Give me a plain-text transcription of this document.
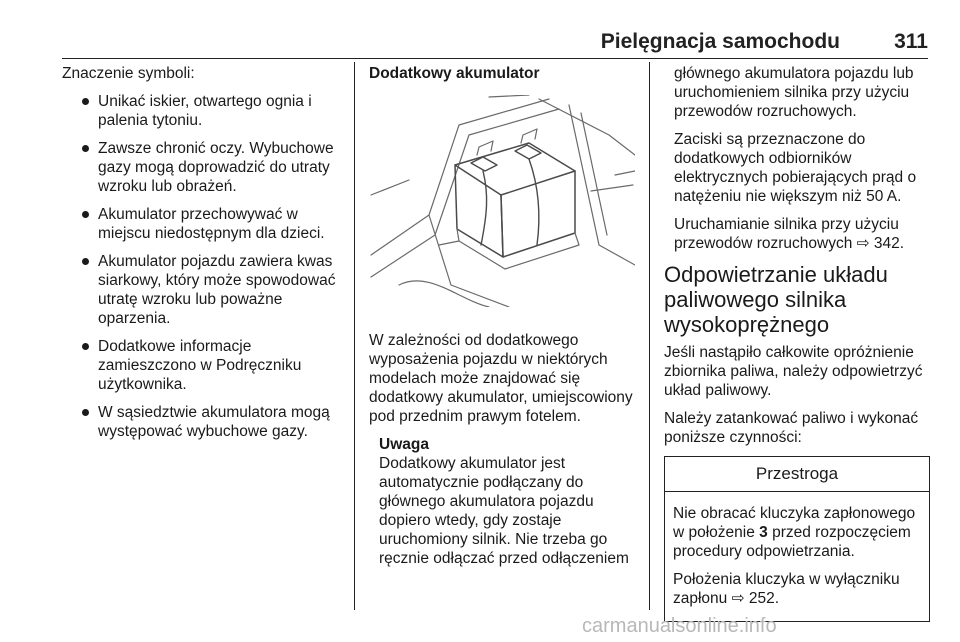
Pielęgnacja samochodu	311

Znaczenie symboli:

Unikać iskier, otwartego ognia i palenia tytoniu.
Zawsze chronić oczy. Wybuchowe gazy mogą doprowadzić do utraty wzroku lub obrażeń.
Akumulator przechowywać w miejscu niedostępnym dla dzieci.
Akumulator pojazdu zawiera kwas siarkowy, który może spowodować utratę wzroku lub poważne oparzenia.
Dodatkowe informacje zamieszczono w Podręczniku użytkownika.
W sąsiedztwie akumulatora mogą występować wybuchowe gazy.
Dodatkowy akumulator

W zależności od dodatkowego wyposażenia pojazdu w niektórych modelach może znajdować się dodatkowy akumulator, umiejscowiony pod przednim prawym fotelem.

Uwaga
Dodatkowy akumulator jest automatycznie podłączany do głównego akumulatora pojazdu dopiero wtedy, gdy zostaje uruchomiony silnik. Nie trzeba go ręcznie odłączać przed odłączeniem

głównego akumulatora pojazdu lub uruchomieniem silnika przy użyciu przewodów rozruchowych.

Zaciski są przeznaczone do dodatkowych odbiorników elektrycznych pobierających prąd o natężeniu nie większym niż 50 A.

Uruchamianie silnika przy użyciu przewodów rozruchowych ⇨ 342.

Odpowietrzanie układu paliwowego silnika wysokoprężnego

Jeśli nastąpiło całkowite opróżnienie zbiornika paliwa, należy odpowietrzyć układ paliwowy.

Należy zatankować paliwo i wykonać poniższe czynności:

Przestroga

Nie obracać kluczyka zapłonowego w położenie 3 przed rozpoczęciem procedury odpowietrzania.

Położenia kluczyka w wyłączniku zapłonu ⇨ 252.

carmanualsonline.info
